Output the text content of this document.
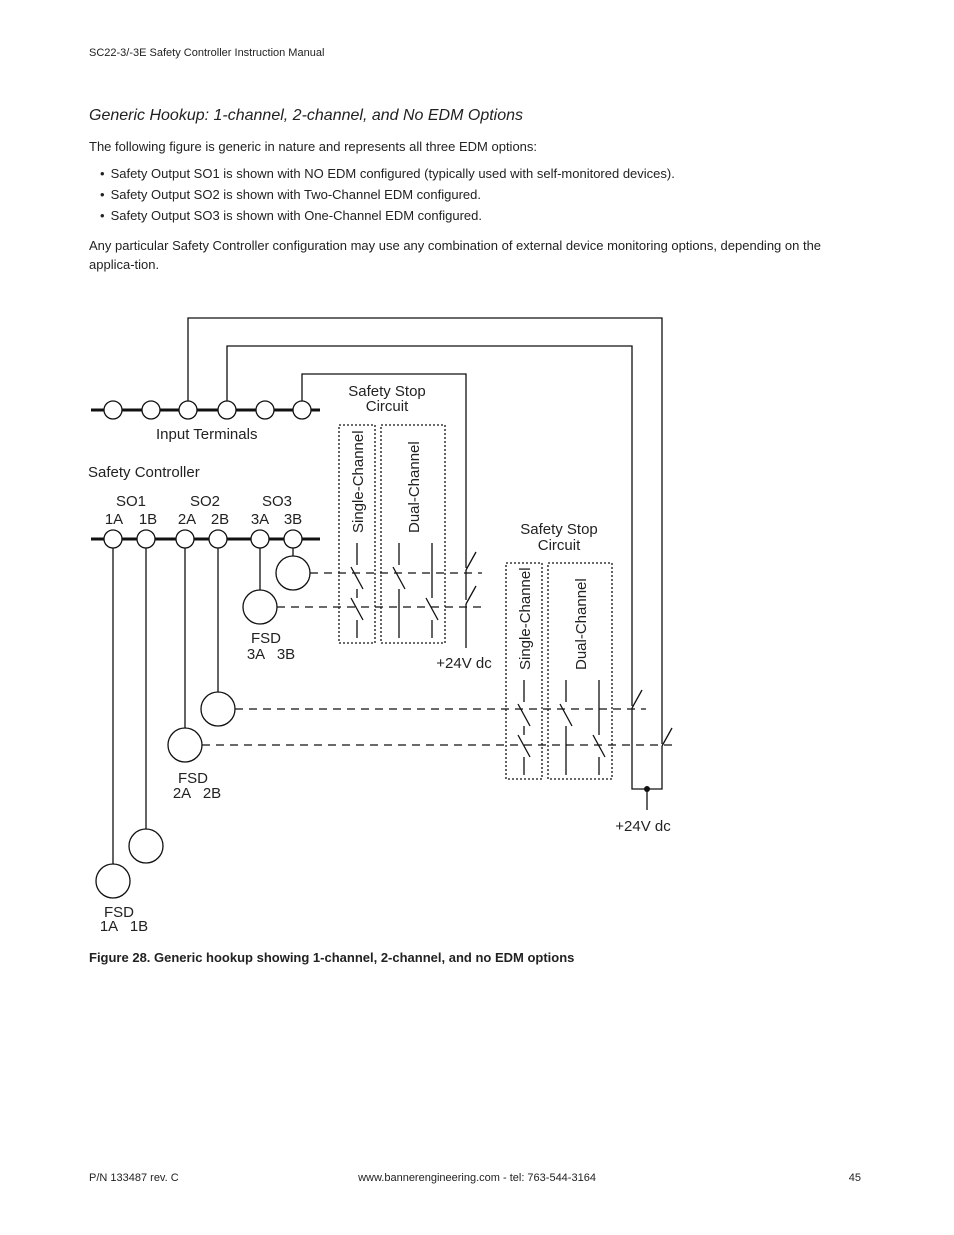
SC22-3/-3E Safety Controller Instruction Manual
Generic Hookup: 1-channel, 2-channel, and No EDM Options
The following figure is generic in nature and represents all three EDM options:
• Safety Output SO1 is shown with NO EDM configured (typically used with self-monitored devices).
• Safety Output SO2 is shown with Two-Channel EDM configured.
• Safety Output SO3 is shown with One-Channel EDM configured.
Any particular Safety Controller configuration may use any combination of external device monitoring options, depending on the applica-tion.
Input Terminals
Safety Controller
SO1	SO2	SO3
1A 1B 2A 2B 3A 3B
Safety Stop
Circuit
Safety Stop
Circuit
Single-Channel	Dual-Channel
Single-Channel	Dual-Channel
FSD
3A   3B
FSD
2A   2B
FSD
1A   1B
+24V dc
+24V dc
Figure 28. Generic hookup showing 1-channel, 2-channel, and no EDM options
P/N 133487 rev. C	www.bannerengineering.com - tel: 763-544-3164	45
